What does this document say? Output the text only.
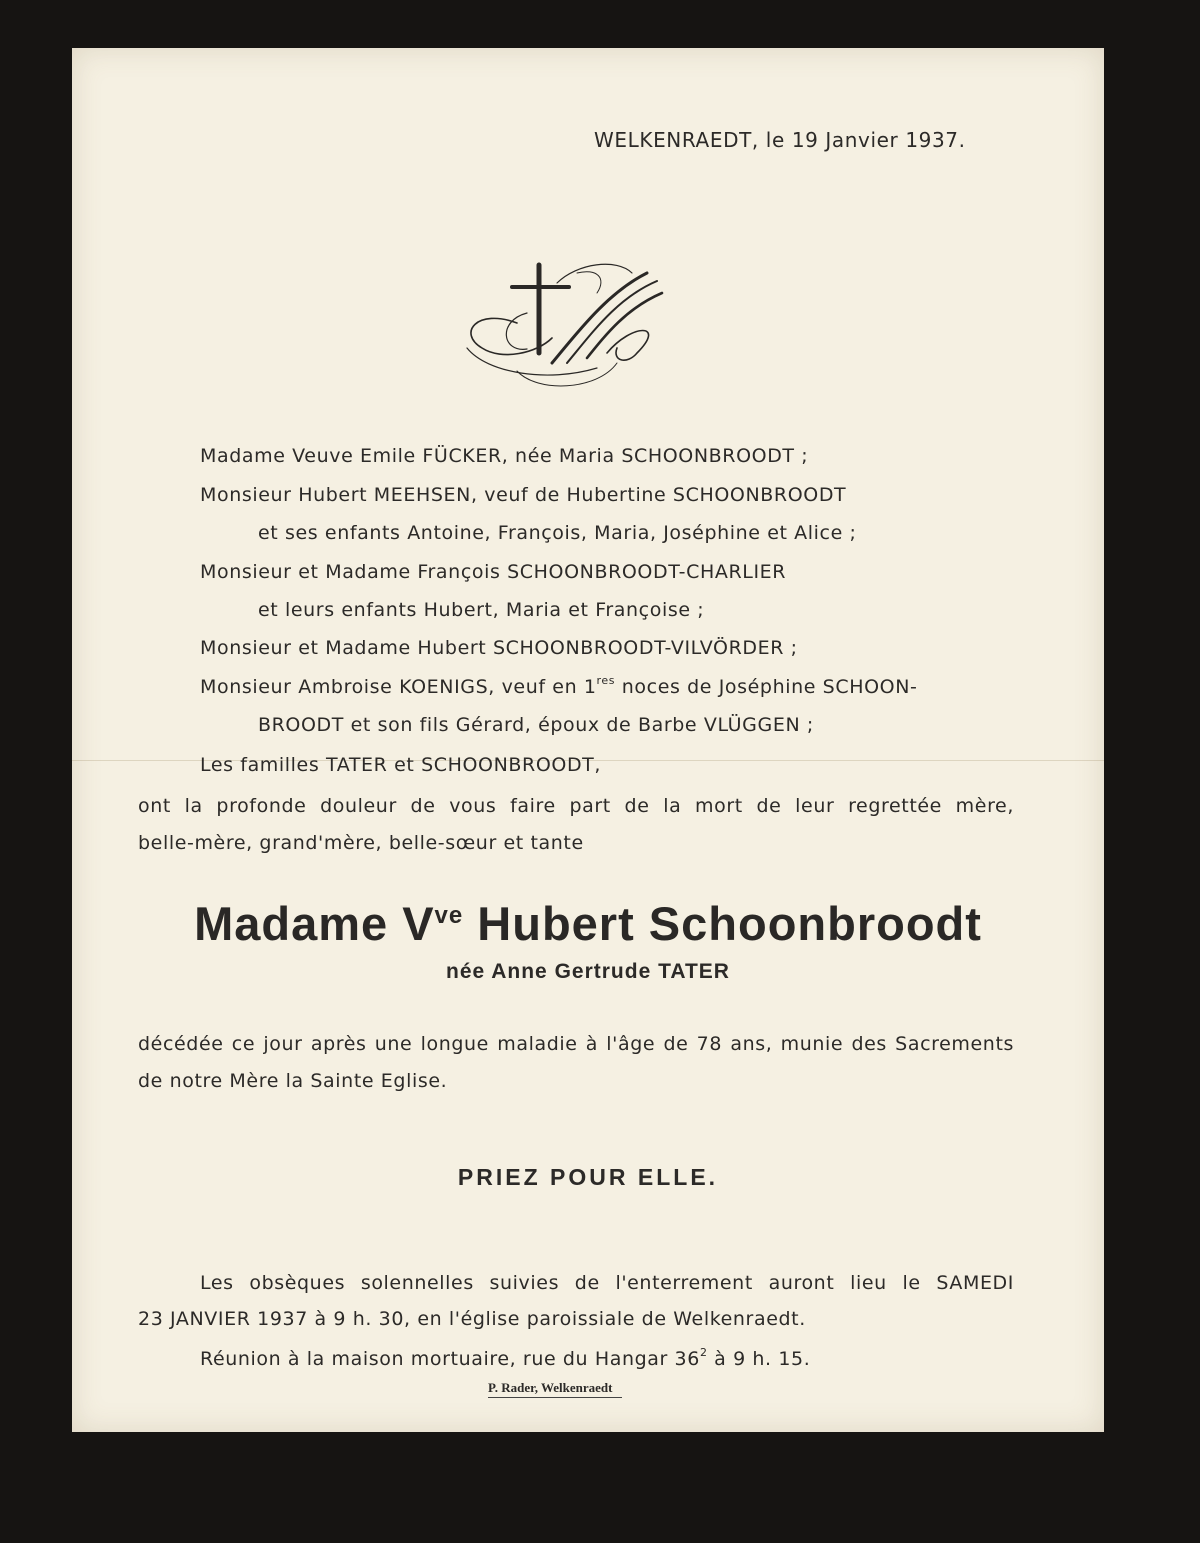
WELKENRAEDT, le 19 Janvier 1937.
Madame Veuve Emile FÜCKER, née Maria SCHOONBROODT ;
Monsieur Hubert MEEHSEN, veuf de Hubertine SCHOONBROODT
et ses enfants Antoine, François, Maria, Joséphine et Alice ;
Monsieur et Madame François SCHOONBROODT-CHARLIER
et leurs enfants Hubert, Maria et Françoise ;
Monsieur et Madame Hubert SCHOONBROODT-VILVÖRDER ;
Monsieur Ambroise KOENIGS, veuf en 1res noces de Joséphine SCHOON-
BROODT et son fils Gérard, époux de Barbe VLÜGGEN ;
Les familles TATER et SCHOONBROODT,
ont la profonde douleur de vous faire part de la mort de leur regrettée mère,
belle-mère, grand'mère, belle-sœur et tante
Madame $V^{ve}$ Hubert Schoonbroodt
née Anne Gertrude TATER
décédée ce jour après une longue maladie à l'âge de 78 ans, munie des Sacrements
de notre Mère la Sainte Eglise.
PRIEZ POUR ELLE.
Les obsèques solennelles suivies de l'enterrement auront lieu le SAMEDI
23 JANVIER 1937 à 9 h. 30, en l'église paroissiale de Welkenraedt.
Réunion à la maison mortuaire, rue du Hangar $36^2$ à 9 h. 15.
P. Rader, Welkenraedt
